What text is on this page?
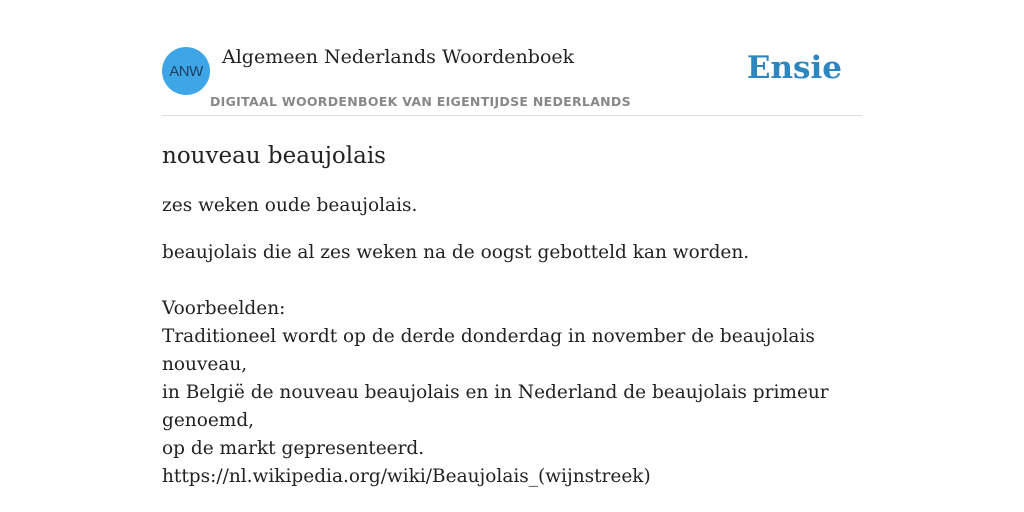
ANW
Algemeen Nederlands Woordenboek
DIGITAAL WOORDENBOEK VAN EIGENTIJDSE NEDERLANDS
Ensie
nouveau beaujolais

zes weken oude beaujolais.

beaujolais die al zes weken na de oogst gebotteld kan worden.

Voorbeelden:
Traditioneel wordt op de derde donderdag in november de beaujolais nouveau,
in België de nouveau beaujolais en in Nederland de beaujolais primeur genoemd,
op de markt gepresenteerd.
https://nl.wikipedia.org/wiki/Beaujolais_(wijnstreek)
